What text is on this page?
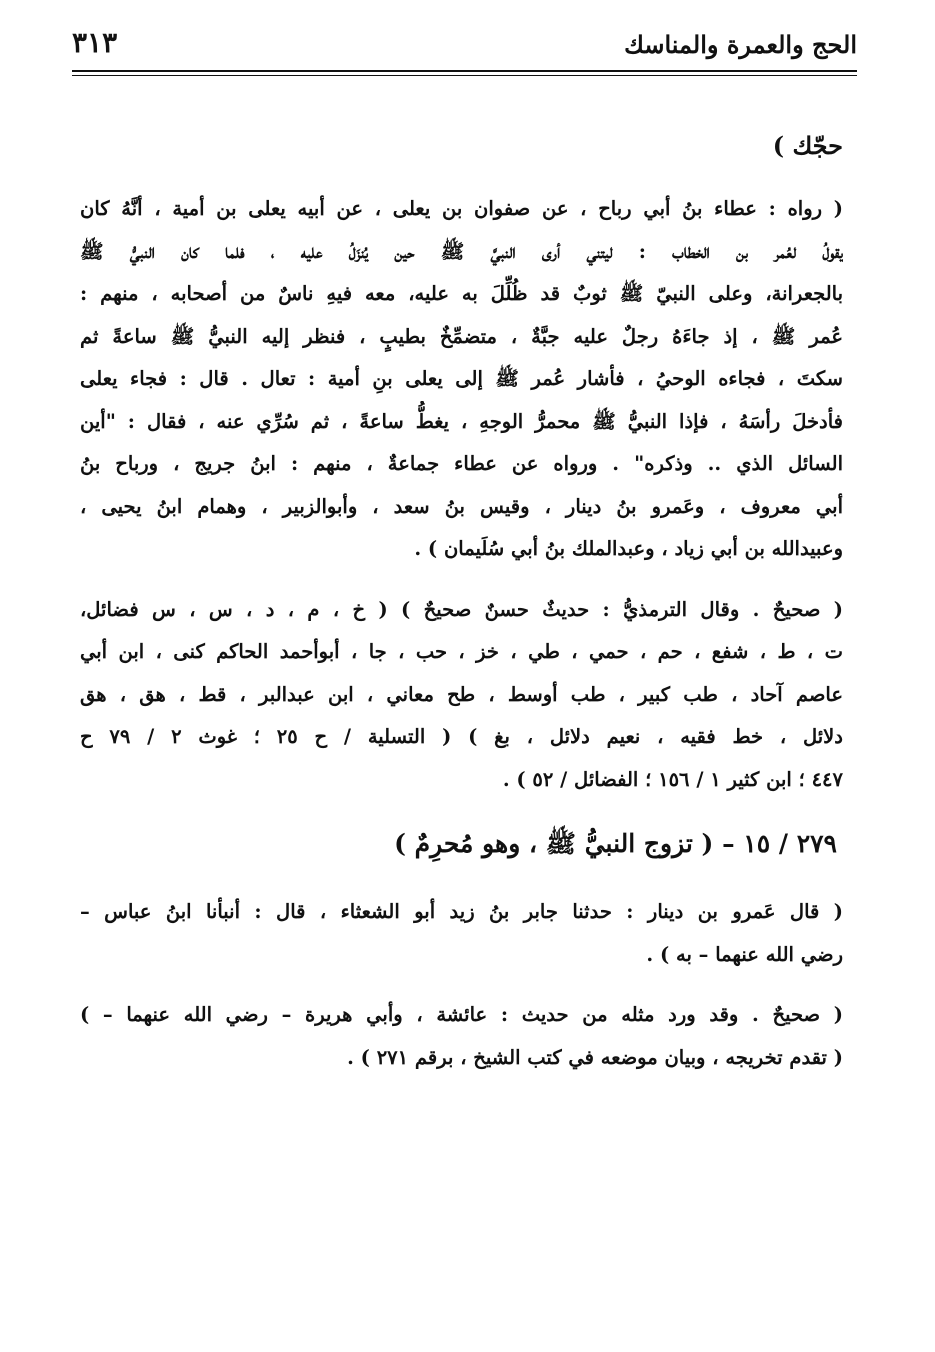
الحج والعمرة والمناسك
٣١٣
حجّك )
( رواه : عطاء بنُ أبي رباح ، عن صفوان بن يعلى ، عن أبيه يعلى بن أمية ، أنَّهُ كان
يقولُ لعُمر بن الخطاب : ليتني أرى النبيَّ ﷺ حين يُنزَلُ عليه ، فلما كان النبيُّ ﷺ
بالجعرانة، وعلى النبيّ ﷺ ثوبٌ قد ظُلِّلَ به عليه، معه فيهِ ناسٌ من أصحابه ، منهم :
عُمر ﷺ ، إذ جاءَهُ رجلٌ عليه جبَّةٌ ، متضمِّخٌ بطيبٍ ، فنظر إليه النبيُّ ﷺ ساعةً ثم
سكتَ ، فجاءه الوحيُ ، فأشار عُمر ﷺ إلى يعلى بنِ أمية : تعال . قال : فجاء يعلى
فأدخلَ رأسَهُ ، فإذا النبيُّ ﷺ محمرُّ الوجهِ ، يغطُّ ساعةً ، ثم سُرِّي عنه ، فقال : "أين
السائل الذي .. وذكره" . ورواه عن عطاء جماعةٌ ، منهم : ابنُ جريج ، ورباح بنُ
أبي معروف ، وعَمرو بنُ دينار ، وقيس بنُ سعد ، وأبوالزبير ، وهمام ابنُ يحيى ،
وعبيدالله بن أبي زياد ، وعبدالملك بنُ أبي سُلَيمان ) .
( صحيحٌ . وقال الترمذيُّ : حديثٌ حسنٌ صحيحٌ ) ( خ ، م ، د ، س ، س فضائل،
ت ، ط ، شفع ، حم ، حمي ، طي ، خز ، حب ، جا ، أبوأحمد الحاكم كنى ، ابن أبي
عاصم آحاد ، طب كبير ، طب أوسط ، طح معاني ، ابن عبدالبر ، قط ، هق ، هق
دلائل ، خط فقيه ، نعيم دلائل ، بغ ) ( التسلية / ح ٢٥ ؛ غوث ٢ / ٧٩ ح
٤٤٧ ؛ ابن كثير ١ / ١٥٦ ؛ الفضائل / ٥٢ ) .
٢٧٩ / ١٥ – ( تزوج النبيُّ ﷺ ، وهو مُحرِمٌ )
( قال عَمرو بن دينار : حدثنا جابر بنُ زيد أبو الشعثاء ، قال : أنبأنا ابنُ عباس –
رضي الله عنهما – به ) .
( صحيحٌ . وقد ورد مثله من حديث : عائشة ، وأبي هريرة – رضي الله عنهما – )
( تقدم تخريجه ، وبيان موضعه في كتب الشيخ ، برقم ٢٧١ ) .
